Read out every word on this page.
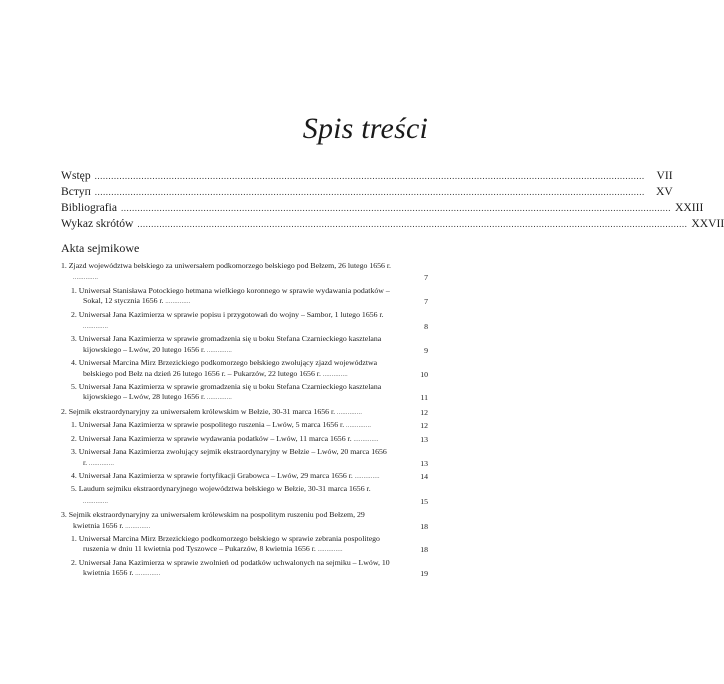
Spis treści
Wstęp ........................................................................................................................................................................................................	VII
Вступ ........................................................................................................................................................................................................ XV
Bibliografia ........................................................................................................................................................................................................ XXIII
Wykaz skrótów ........................................................................................................................................................................................................ XXVII
Akta sejmikowe
1. Zjazd województwa bełskiego za uniwersałem podkomorzego bełskiego pod Bełzem, 26 lutego 1656 r. ..............	7
1. Uniwersał Stanisława Potockiego hetmana wielkiego koronnego w sprawie wydawania podatków – Sokal, 12 stycznia 1656 r. ..............	7
2. Uniwersał Jana Kazimierza w sprawie popisu i przygotowań do wojny – Sambor, 1 lutego 1656 r. ..............	8
3. Uniwersał Jana Kazimierza w sprawie gromadzenia się u boku Stefana Czarnieckiego kasztelana kijowskiego – Lwów, 20 lutego 1656 r. ..............	9
4. Uniwersał Marcina Mirz Brzezickiego podkomorzego bełskiego zwołujący zjazd województwa bełskiego pod Bełz na dzień 26 lutego 1656 r. – Pukarzów, 22 lutego 1656 r. ..............	10
5. Uniwersał Jana Kazimierza w sprawie gromadzenia się u boku Stefana Czarnieckiego kasztelana kijowskiego – Lwów, 28 lutego 1656 r. ..............	11
2. Sejmik ekstraordynaryjny za uniwersałem królewskim w Bełzie, 30-31 marca 1656 r. ..............	12
1. Uniwersał Jana Kazimierza w sprawie pospolitego ruszenia – Lwów, 5 marca 1656 r. ..............	12
2. Uniwersał Jana Kazimierza w sprawie wydawania podatków – Lwów, 11 marca 1656 r. ..............	13
3. Uniwersał Jana Kazimierza zwołujący sejmik ekstraordynaryjny w Bełzie – Lwów, 20 marca 1656 r. ..............	13
4. Uniwersał Jana Kazimierza w sprawie fortyfikacji Grabowca – Lwów, 29 marca 1656 r. ..............	14
5. Laudum sejmiku ekstraordynaryjnego województwa bełskiego w Bełzie, 30-31 marca 1656 r. ..............	15
3. Sejmik ekstraordynaryjny za uniwersałem królewskim na pospolitym ruszeniu pod Bełzem, 29 kwietnia 1656 r. ..............	18
1. Uniwersał Marcina Mirz Brzezickiego podkomorzego bełskiego w sprawie zebrania pospolitego ruszenia w dniu 11 kwietnia pod Tyszowce – Pukarzów, 8 kwietnia 1656 r. ..............	18
2. Uniwersał Jana Kazimierza w sprawie zwolnień od podatków uchwalonych na sejmiku – Lwów, 10 kwietnia 1656 r. ..............	19
